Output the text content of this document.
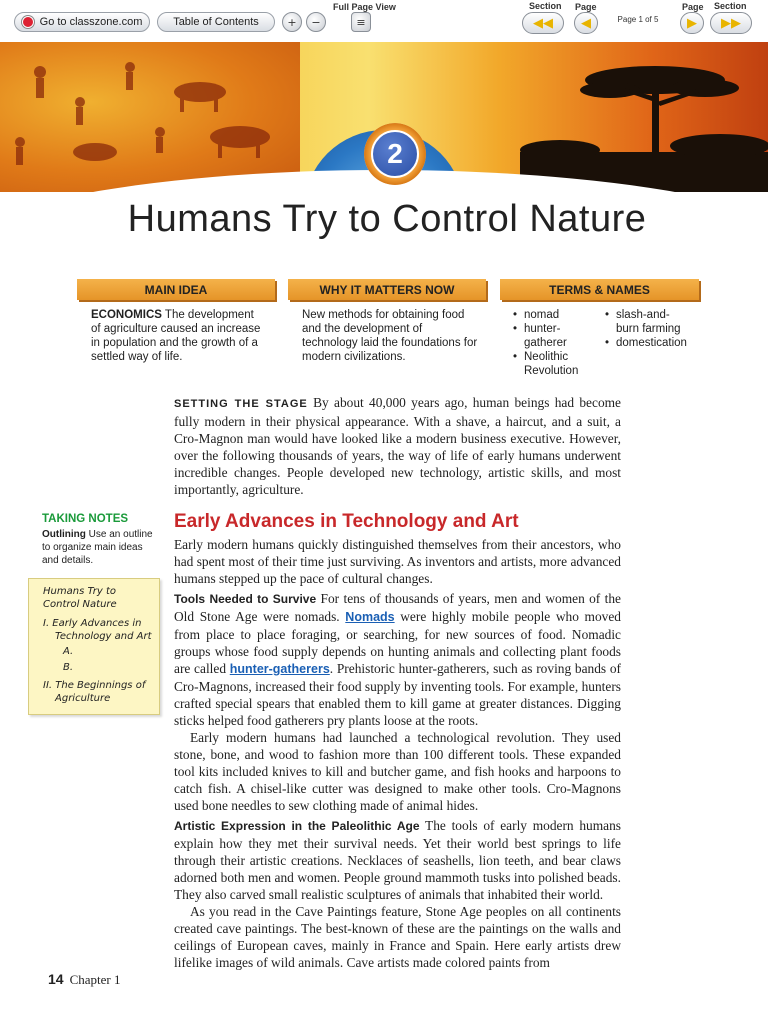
Go to classzone.com	Table of Contents	+	−
Full Page View
≡
Section Page
◀◀ ◀	Page 1 of 5
Page Section
▶ ▶▶
2
Humans Try to Control Nature
MAIN IDEA	WHY IT MATTERS NOW	TERMS & NAMES
ECONOMICS The development of agriculture caused an increase in population and the growth of a settled way of life.
New methods for obtaining food and the development of technology laid the foundations for modern civilizations.
• nomad
• hunter-gatherer
• Neolithic Revolution
• slash-and-burn farming
• domestication

SETTING THE STAGE By about 40,000 years ago, human beings had become fully modern in their physical appearance. With a shave, a haircut, and a suit, a Cro-Magnon man would have looked like a modern business executive. However, over the following thousands of years, the way of life of early humans underwent incredible changes. People developed new technology, artistic skills, and most importantly, agriculture.

TAKING NOTES
Outlining Use an outline to organize main ideas and details.
Humans Try to
Control Nature
I. Early Advances in
Technology and Art
A.
B.
II. The Beginnings of
Agriculture
Early Advances in Technology and Art

Early modern humans quickly distinguished themselves from their ancestors, who had spent most of their time just surviving. As inventors and artists, more advanced humans stepped up the pace of cultural changes.

Tools Needed to Survive For tens of thousands of years, men and women of the Old Stone Age were nomads. Nomads were highly mobile people who moved from place to place foraging, or searching, for new sources of food. Nomadic groups whose food supply depends on hunting animals and collecting plant foods are called hunter-gatherers. Prehistoric hunter-gatherers, such as roving bands of Cro-Magnons, increased their food supply by inventing tools. For example, hunters crafted special spears that enabled them to kill game at greater distances. Digging sticks helped food gatherers pry plants loose at the roots.

Early modern humans had launched a technological revolution. They used stone, bone, and wood to fashion more than 100 different tools. These expanded tool kits included knives to kill and butcher game, and fish hooks and harpoons to catch fish. A chisel-like cutter was designed to make other tools. Cro-Magnons used bone needles to sew clothing made of animal hides.

Artistic Expression in the Paleolithic Age The tools of early modern humans explain how they met their survival needs. Yet their world best springs to life through their artistic creations. Necklaces of seashells, lion teeth, and bear claws adorned both men and women. People ground mammoth tusks into polished beads. They also carved small realistic sculptures of animals that inhabited their world.

As you read in the Cave Paintings feature, Stone Age peoples on all continents created cave paintings. The best-known of these are the paintings on the walls and ceilings of European caves, mainly in France and Spain. Here early artists drew lifelike images of wild animals. Cave artists made colored paints from

14 Chapter 1
